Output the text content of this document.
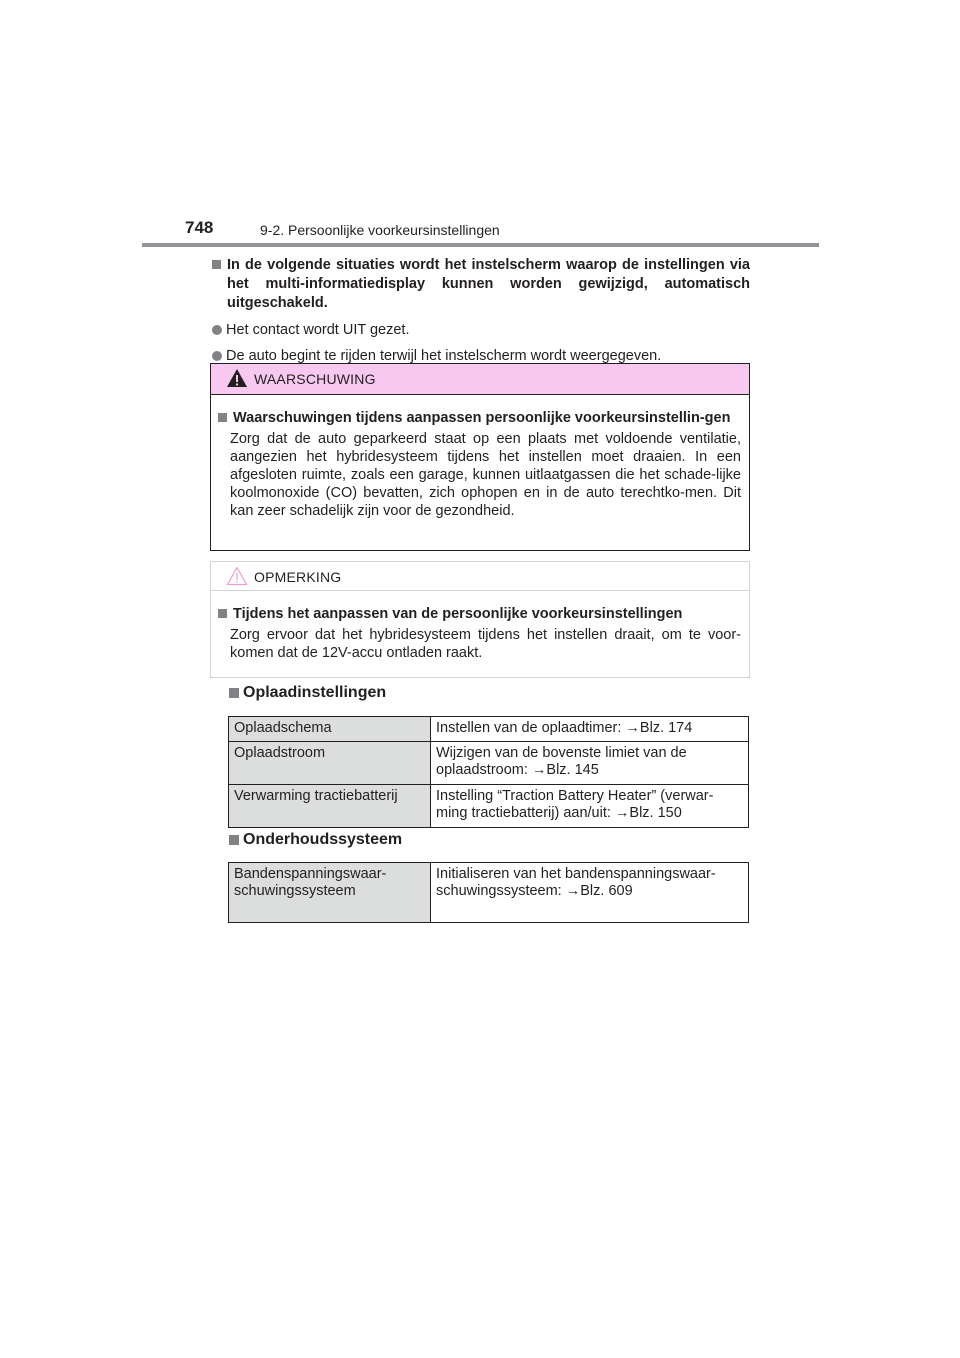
748	9-2. Persoonlijke voorkeursinstellingen
In de volgende situaties wordt het instelscherm waarop de instellingen via het multi-informatiedisplay kunnen worden gewijzigd, automatisch uitgeschakeld.
Het contact wordt UIT gezet.
De auto begint te rijden terwijl het instelscherm wordt weergegeven.
WAARSCHUWING
Waarschuwingen tijdens aanpassen persoonlijke voorkeursinstellin-gen
Zorg dat de auto geparkeerd staat op een plaats met voldoende ventilatie, aangezien het hybridesysteem tijdens het instellen moet draaien. In een afgesloten ruimte, zoals een garage, kunnen uitlaatgassen die het schade-lijke koolmonoxide (CO) bevatten, zich ophopen en in de auto terechtko-men. Dit kan zeer schadelijk zijn voor de gezondheid.
OPMERKING
Tijdens het aanpassen van de persoonlijke voorkeursinstellingen
Zorg ervoor dat het hybridesysteem tijdens het instellen draait, om te voor-komen dat de 12V-accu ontladen raakt.
Oplaadinstellingen
Oplaadschema	Instellen van de oplaadtimer: →Blz. 174
Oplaadstroom	Wijzigen van de bovenste limiet van de oplaadstroom: →Blz. 145
Verwarming tractiebatterij	Instelling “Traction Battery Heater” (verwar-ming tractiebatterij) aan/uit: →Blz. 150
Onderhoudssysteem
Bandenspanningswaar-schuwingssysteem	Initialiseren van het bandenspanningswaar-schuwingssysteem: →Blz. 609
